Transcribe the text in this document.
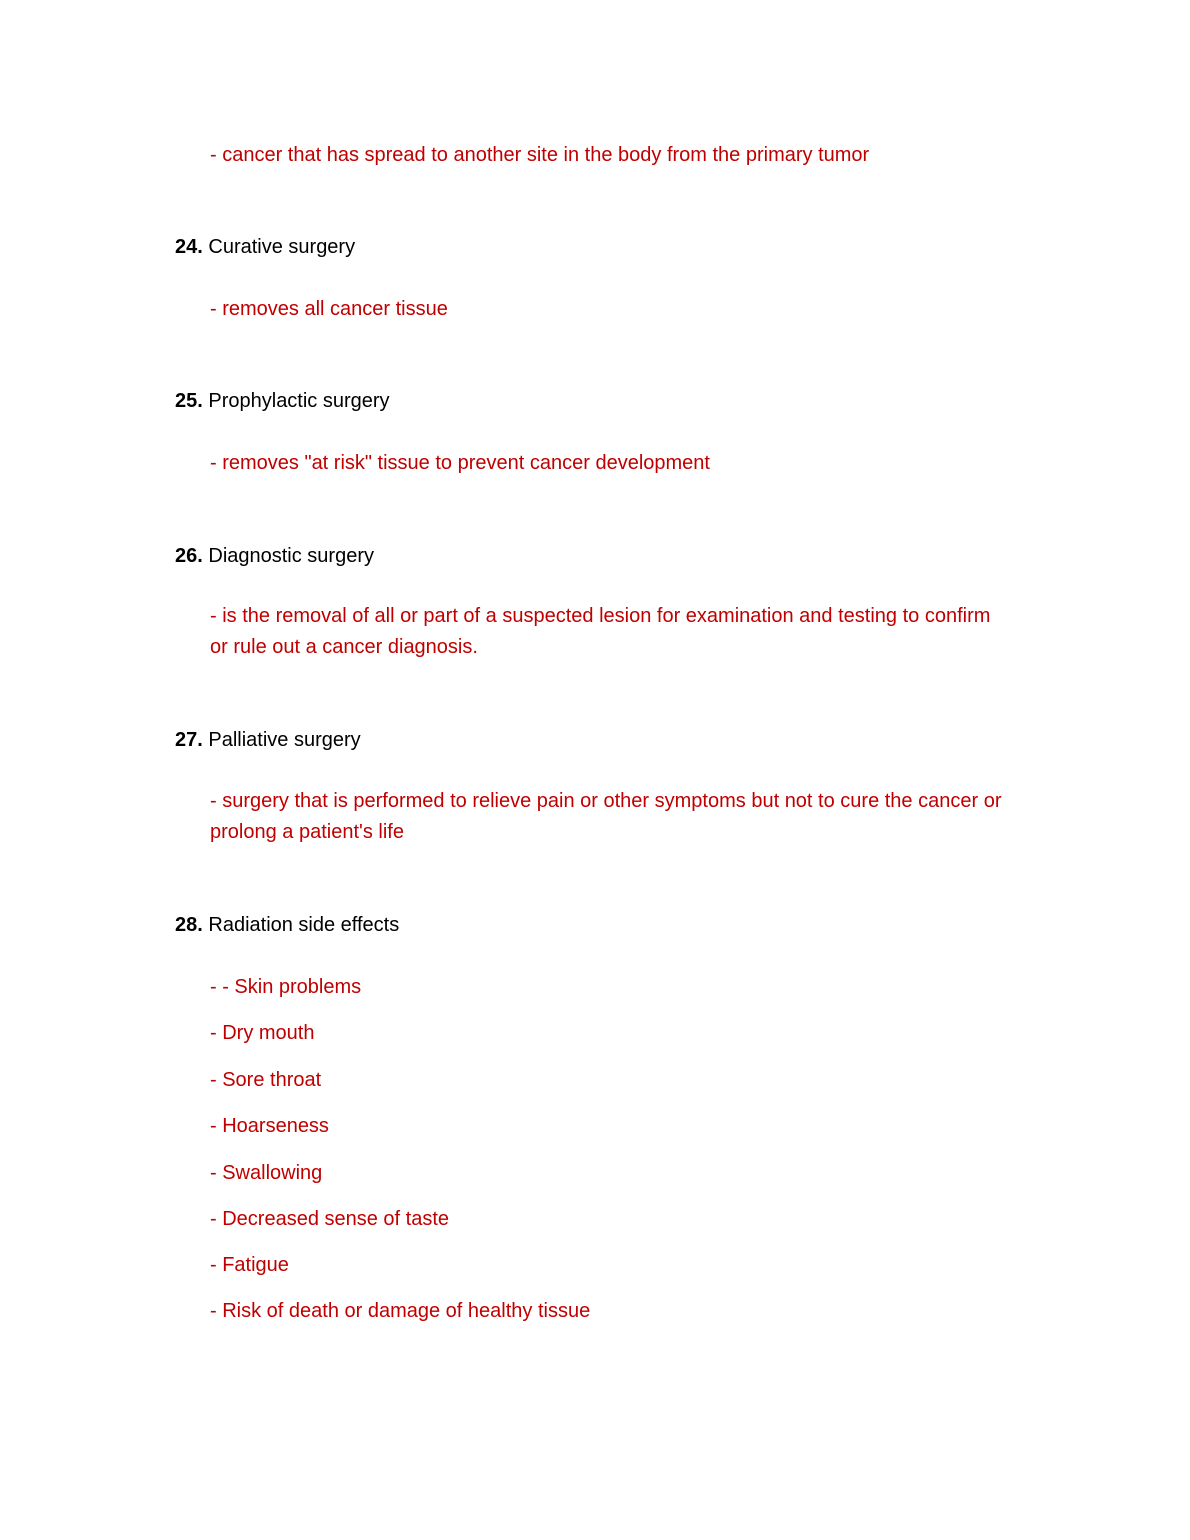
- cancer that has spread to another site in the body from the primary tumor
24. Curative surgery
- removes all cancer tissue
25. Prophylactic surgery
- removes "at risk" tissue to prevent cancer development
26. Diagnostic surgery
- is the removal of all or part of a suspected lesion for examination and testing to confirm or rule out a cancer diagnosis.
27. Palliative surgery
- surgery that is performed to relieve pain or other symptoms but not to cure the cancer or prolong a patient's life
28. Radiation side effects
- - Skin problems
- Dry mouth
- Sore throat
- Hoarseness
- Swallowing
- Decreased sense of taste
- Fatigue
- Risk of death or damage of healthy tissue
